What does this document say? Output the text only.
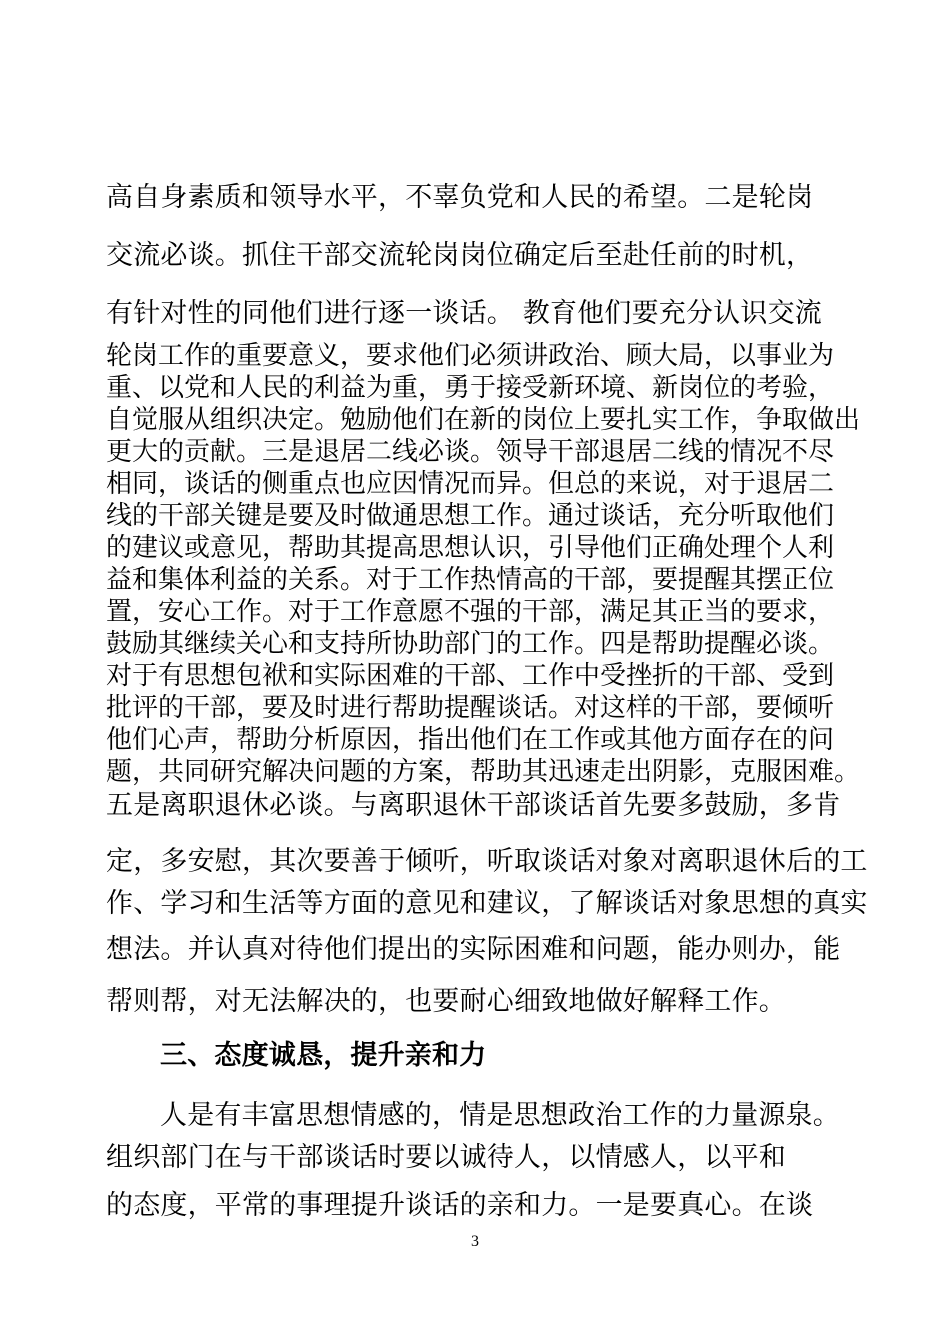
高自身素质和领导水平，不辜负党和人民的希望。二是轮岗
交流必谈。抓住干部交流轮岗岗位确定后至赴任前的时机，
有针对性的同他们进行逐一谈话。 教育他们要充分认识交流
轮岗工作的重要意义，要求他们必须讲政治、顾大局，以事业为
重、以党和人民的利益为重，勇于接受新环境、新岗位的考验，
自觉服从组织决定。勉励他们在新的岗位上要扎实工作，争取做出
更大的贡献。三是退居二线必谈。领导干部退居二线的情况不尽
相同，谈话的侧重点也应因情况而异。但总的来说，对于退居二
线的干部关键是要及时做通思想工作。通过谈话，充分听取他们
的建议或意见，帮助其提高思想认识，引导他们正确处理个人利
益和集体利益的关系。对于工作热情高的干部，要提醒其摆正位
置，安心工作。对于工作意愿不强的干部，满足其正当的要求，
鼓励其继续关心和支持所协助部门的工作。四是帮助提醒必谈。
对于有思想包袱和实际困难的干部、工作中受挫折的干部、受到
批评的干部，要及时进行帮助提醒谈话。对这样的干部，要倾听
他们心声，帮助分析原因，指出他们在工作或其他方面存在的问
题，共同研究解决问题的方案，帮助其迅速走出阴影，克服困难。
五是离职退休必谈。与离职退休干部谈话首先要多鼓励，多肯
定，多安慰，其次要善于倾听，听取谈话对象对离职退休后的工
作、学习和生活等方面的意见和建议，了解谈话对象思想的真实
想法。并认真对待他们提出的实际困难和问题，能办则办，能
帮则帮，对无法解决的，也要耐心细致地做好解释工作。
三、态度诚恳，提升亲和力
人是有丰富思想情感的，情是思想政治工作的力量源泉。
组织部门在与干部谈话时要以诚待人，以情感人，以平和
的态度，平常的事理提升谈话的亲和力。一是要真心。在谈
3
